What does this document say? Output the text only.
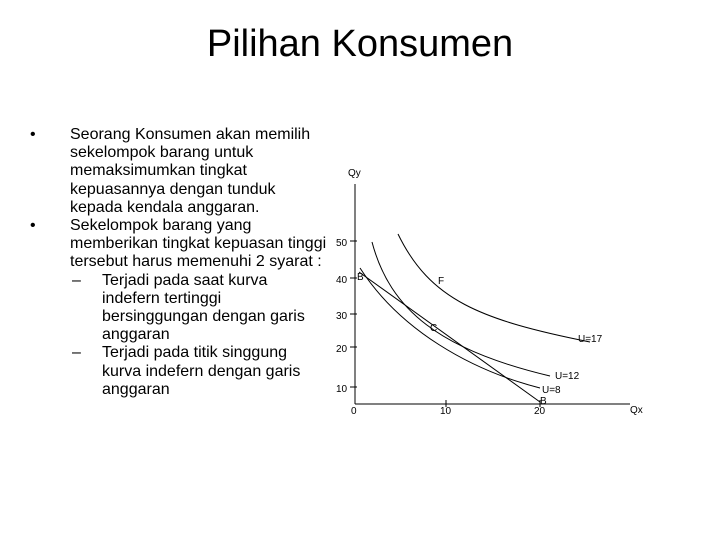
Pilihan Konsumen
• Seorang Konsumen akan memilih sekelompok barang untuk memaksimumkan tingkat kepuasannya dengan tunduk kepada kendala anggaran.
• Sekelompok barang yang memberikan tingkat kepuasan tinggi tersebut harus memenuhi 2 syarat :
– Terjadi pada saat kurva indefern tertinggi bersinggungan dengan garis anggaran
– Terjadi pada titik singgung kurva indefern dengan garis anggaran
Qy
Qx
50
40
30
20
10
0	10	20
B	F
C
B
U=17
U=12
U=8
